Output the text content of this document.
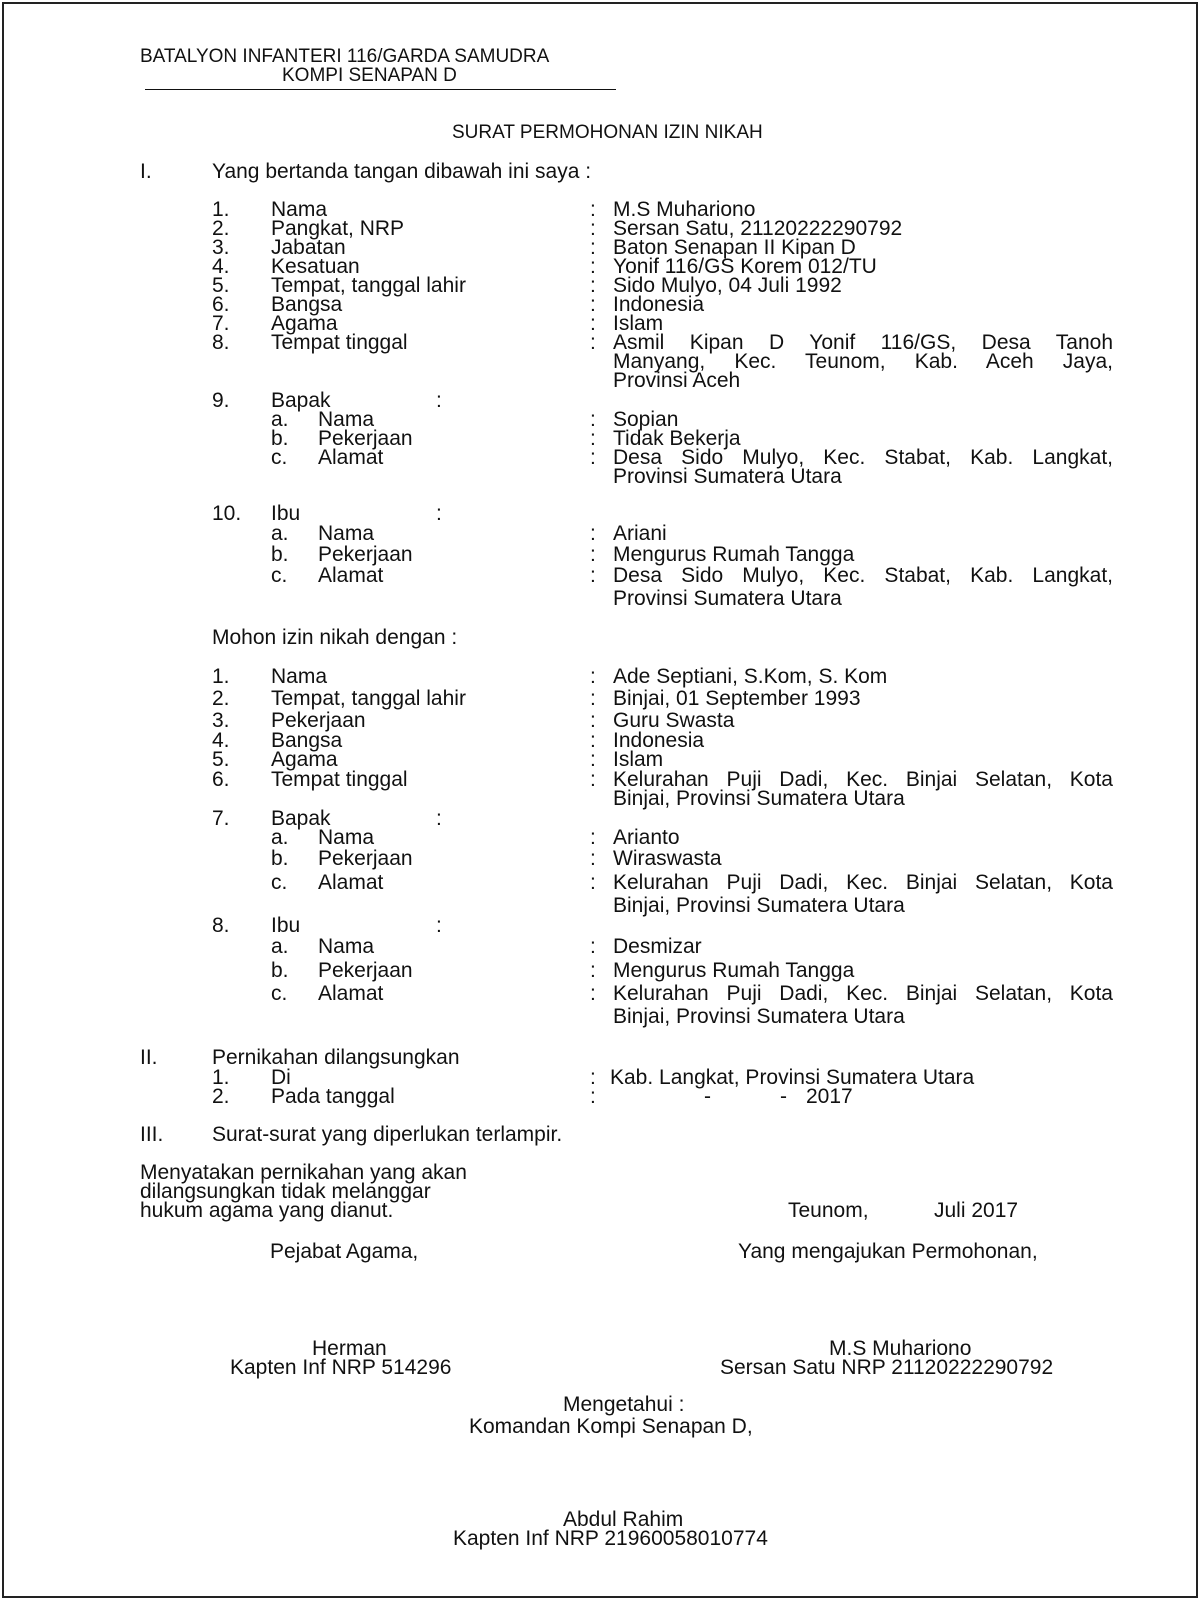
BATALYON INFANTERI 116/GARDA SAMUDRA
KOMPI SENAPAN D
SURAT PERMOHONAN IZIN NIKAH
I.	Yang bertanda tangan dibawah ini saya :
1. Nama	: M.S Muhariono
2. Pangkat, NRP	: Sersan Satu, 21120222290792
3. Jabatan	: Baton Senapan II Kipan D
4. Kesatuan	: Yonif 116/GS Korem 012/TU
5. Tempat, tanggal lahir	: Sido Mulyo, 04 Juli 1992
6. Bangsa	: Indonesia
7. Agama	: Islam
8. Tempat tinggal	: Asmil Kipan D Yonif 116/GS, Desa Tanoh
Manyang, Kec. Teunom, Kab. Aceh Jaya,
Provinsi Aceh
9. Bapak	:
a. Nama	: Sopian
b. Pekerjaan	: Tidak Bekerja
c. Alamat	: Desa Sido Mulyo, Kec. Stabat, Kab. Langkat,
Provinsi Sumatera Utara
10. Ibu	:
a. Nama	: Ariani
b. Pekerjaan	: Mengurus Rumah Tangga
c. Alamat	: Desa Sido Mulyo, Kec. Stabat, Kab. Langkat,
Provinsi Sumatera Utara
Mohon izin nikah dengan :
1. Nama	: Ade Septiani, S.Kom, S. Kom
2. Tempat, tanggal lahir	: Binjai, 01 September 1993
3. Pekerjaan	: Guru Swasta
4. Bangsa	: Indonesia
5. Agama	: Islam
6. Tempat tinggal	: Kelurahan Puji Dadi, Kec. Binjai Selatan, Kota
Binjai, Provinsi Sumatera Utara
7. Bapak	:
a. Nama	: Arianto
b. Pekerjaan	: Wiraswasta
c. Alamat	: Kelurahan Puji Dadi, Kec. Binjai Selatan, Kota
Binjai, Provinsi Sumatera Utara
8. Ibu	:
a. Nama	: Desmizar
b. Pekerjaan	: Mengurus Rumah Tangga
c. Alamat	: Kelurahan Puji Dadi, Kec. Binjai Selatan, Kota
Binjai, Provinsi Sumatera Utara
II.	Pernikahan dilangsungkan
1. Di	: Kab. Langkat, Provinsi Sumatera Utara
2. Pada tanggal	:	-	- 2017
III. Surat-surat yang diperlukan terlampir.
Menyatakan pernikahan yang akan
dilangsungkan tidak melanggar
hukum agama yang dianut.	Teunom,	Juli 2017
Pejabat Agama,	Yang mengajukan Permohonan,
Herman
Kapten Inf NRP 514296
M.S Muhariono
Sersan Satu NRP 21120222290792
Mengetahui :
Komandan Kompi Senapan D,
Abdul Rahim
Kapten Inf NRP 21960058010774
